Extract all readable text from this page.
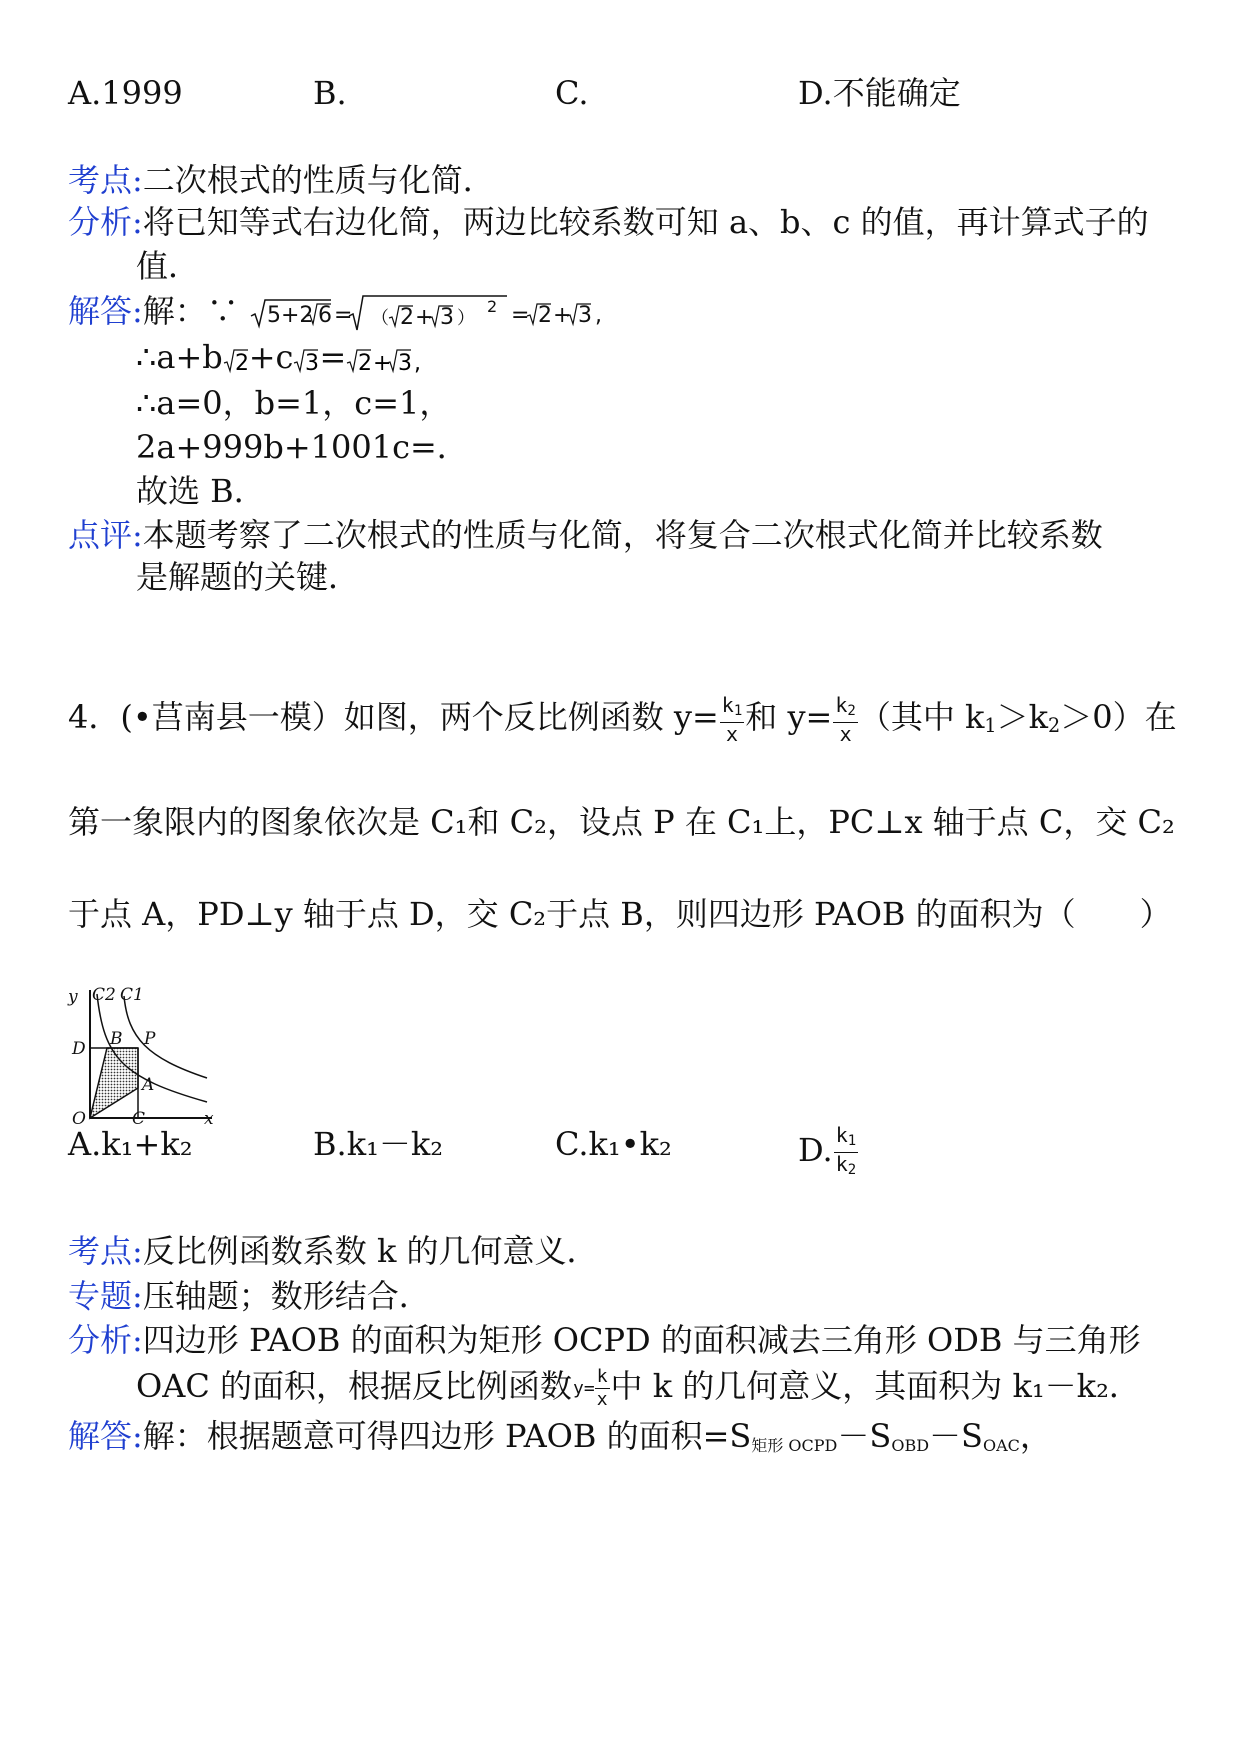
A.1999	B.	C.	D.不能确定
考点:二次根式的性质与化简．
分析:将已知等式右边化简，两边比较系数可知 a、b、c 的值，再计算式子的
值．
解答:解：∵ 5+2 6 = （ 2 + 3 ）
2 = 2 + 3 ,
∴a+b 2 +c 3 = 2 + 3 ,
∴a=0，b=1，c=1，
2a+999b+1001c=．
故选 B．
点评:本题考察了二次根式的性质与化简，将复合二次根式化简并比较系数
是解题的关键．
4．(•莒南县一模）如图，两个反比例函数 $y= \frac{k_1}{x}$ 和 $y= \frac{k_2}{x}$ （其中 $k_1>k_2>0$）在
第一象限内的图象依次是 C₁和 C₂，设点 P 在 C₁上，PC⊥x 轴于点 C，交 C₂
于点 A，PD⊥y 轴于点 D，交 C₂于点 B，则四边形 PAOB 的面积为（　　）
y C2 C1
B P
D
A
O	C	x
A.k₁+k₂	B.k₁－k₂	C.k₁•k₂	D. $\frac{k_1}{k_2}$
考点:反比例函数系数 k 的几何意义．
专题:压轴题；数形结合．
分析:四边形 PAOB 的面积为矩形 OCPD 的面积减去三角形 ODB 与三角形
OAC 的面积，根据反比例函数$y= \frac{k}{x}$ 中 k 的几何意义，其面积为 k₁－k₂．
解答:解：根据题意可得四边形 PAOB 的面积$=S_{矩形 OCPD}-S_{OBD}-S_{OAC}$，
